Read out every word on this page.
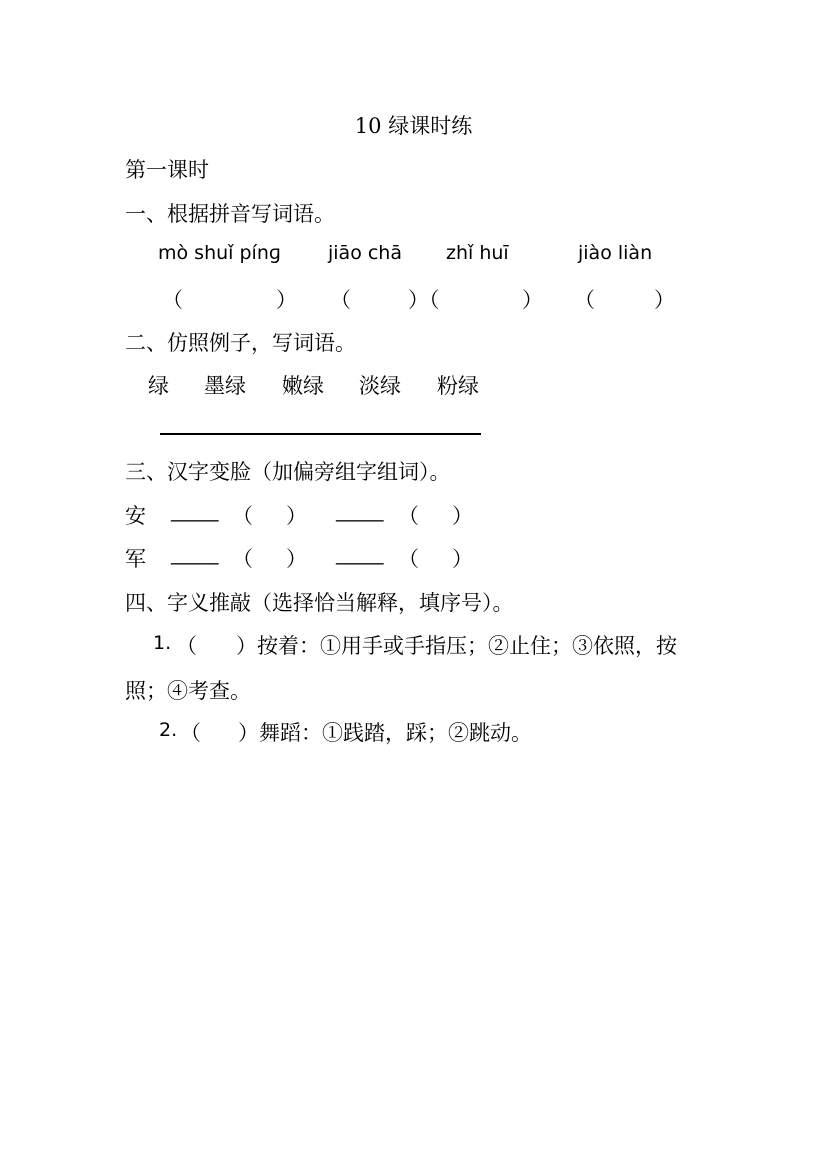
10 绿课时练
第一课时
一、根据拼音写词语。
mò shuǐ pínɡ jiāo chā zhǐ huī	jiào liàn
（	） （	）（	） （	）
二、仿照例子，写词语。
绿 墨绿 嫩绿 淡绿 粉绿
三、汉字变脸（加偏旁组字组词）。
安 _____ （ ） _____ （ ）
军 _____ （ ） _____ （ ）
四、字义推敲（选择恰当解释，填序号）。
1. （ ）按着：①用手或手指压；②止住；③依照，按
照；④考查。
2. （ ）舞蹈：①践踏，踩；②跳动。
